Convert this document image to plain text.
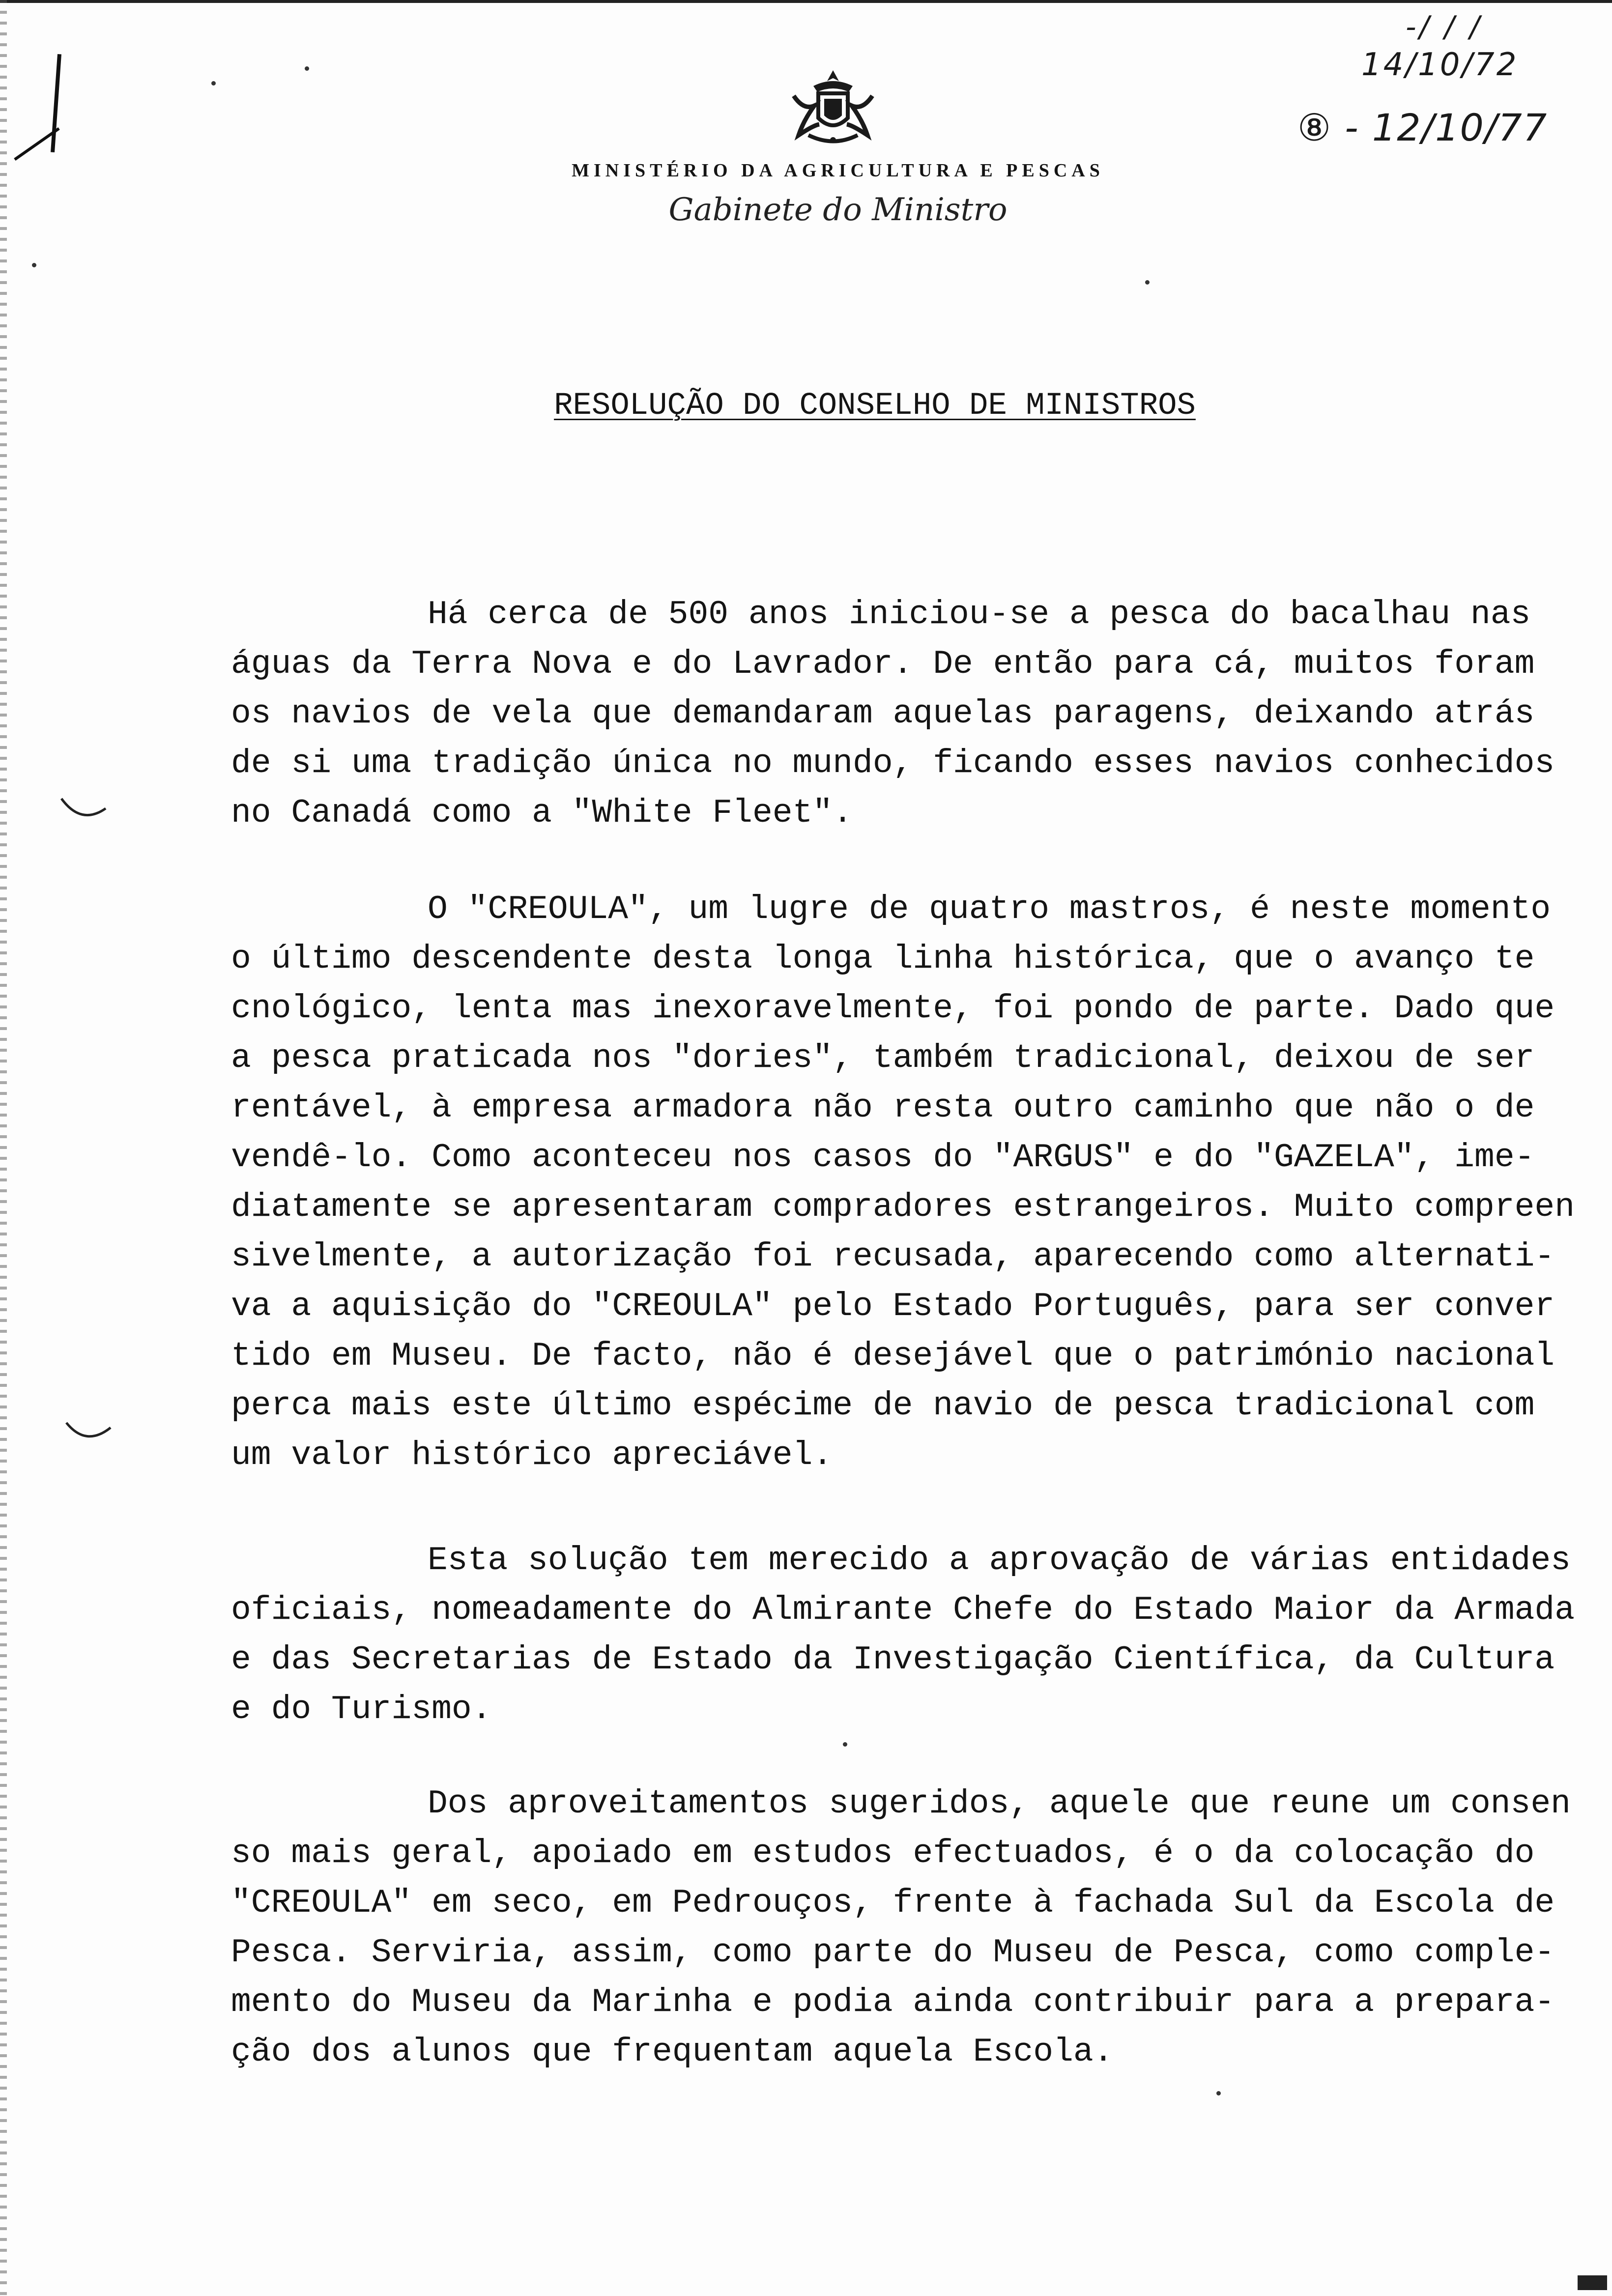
MINISTÉRIO DA AGRICULTURA E PESCAS
Gabinete do Ministro
-/ / /
14/10/72
⑧ - 12/10/77
RESOLUÇÃO DO CONSELHO DE MINISTROS
Há cerca de 500 anos iniciou-se a pesca do bacalhau nas
águas da Terra Nova e do Lavrador. De então para cá, muitos foram
os navios de vela que demandaram aquelas paragens, deixando atrás
de si uma tradição única no mundo, ficando esses navios conhecidos
no Canadá como a "White Fleet".
O "CREOULA", um lugre de quatro mastros, é neste momento
o último descendente desta longa linha histórica, que o avanço te
cnológico, lenta mas inexoravelmente, foi pondo de parte. Dado que
a pesca praticada nos "dories", também tradicional, deixou de ser
rentável, à empresa armadora não resta outro caminho que não o de
vendê-lo. Como aconteceu nos casos do "ARGUS" e do "GAZELA", ime-
diatamente se apresentaram compradores estrangeiros. Muito compreen
sivelmente, a autorização foi recusada, aparecendo como alternati-
va a aquisição do "CREOULA" pelo Estado Português, para ser conver
tido em Museu. De facto, não é desejável que o património nacional
perca mais este último espécime de navio de pesca tradicional com
um valor histórico apreciável.
Esta solução tem merecido a aprovação de várias entidades
oficiais, nomeadamente do Almirante Chefe do Estado Maior da Armada
e das Secretarias de Estado da Investigação Científica, da Cultura
e do Turismo.
Dos aproveitamentos sugeridos, aquele que reune um consen
so mais geral, apoiado em estudos efectuados, é o da colocação do
"CREOULA" em seco, em Pedrouços, frente à fachada Sul da Escola de
Pesca. Serviria, assim, como parte do Museu de Pesca, como comple-
mento do Museu da Marinha e podia ainda contribuir para a prepara-
ção dos alunos que frequentam aquela Escola.
